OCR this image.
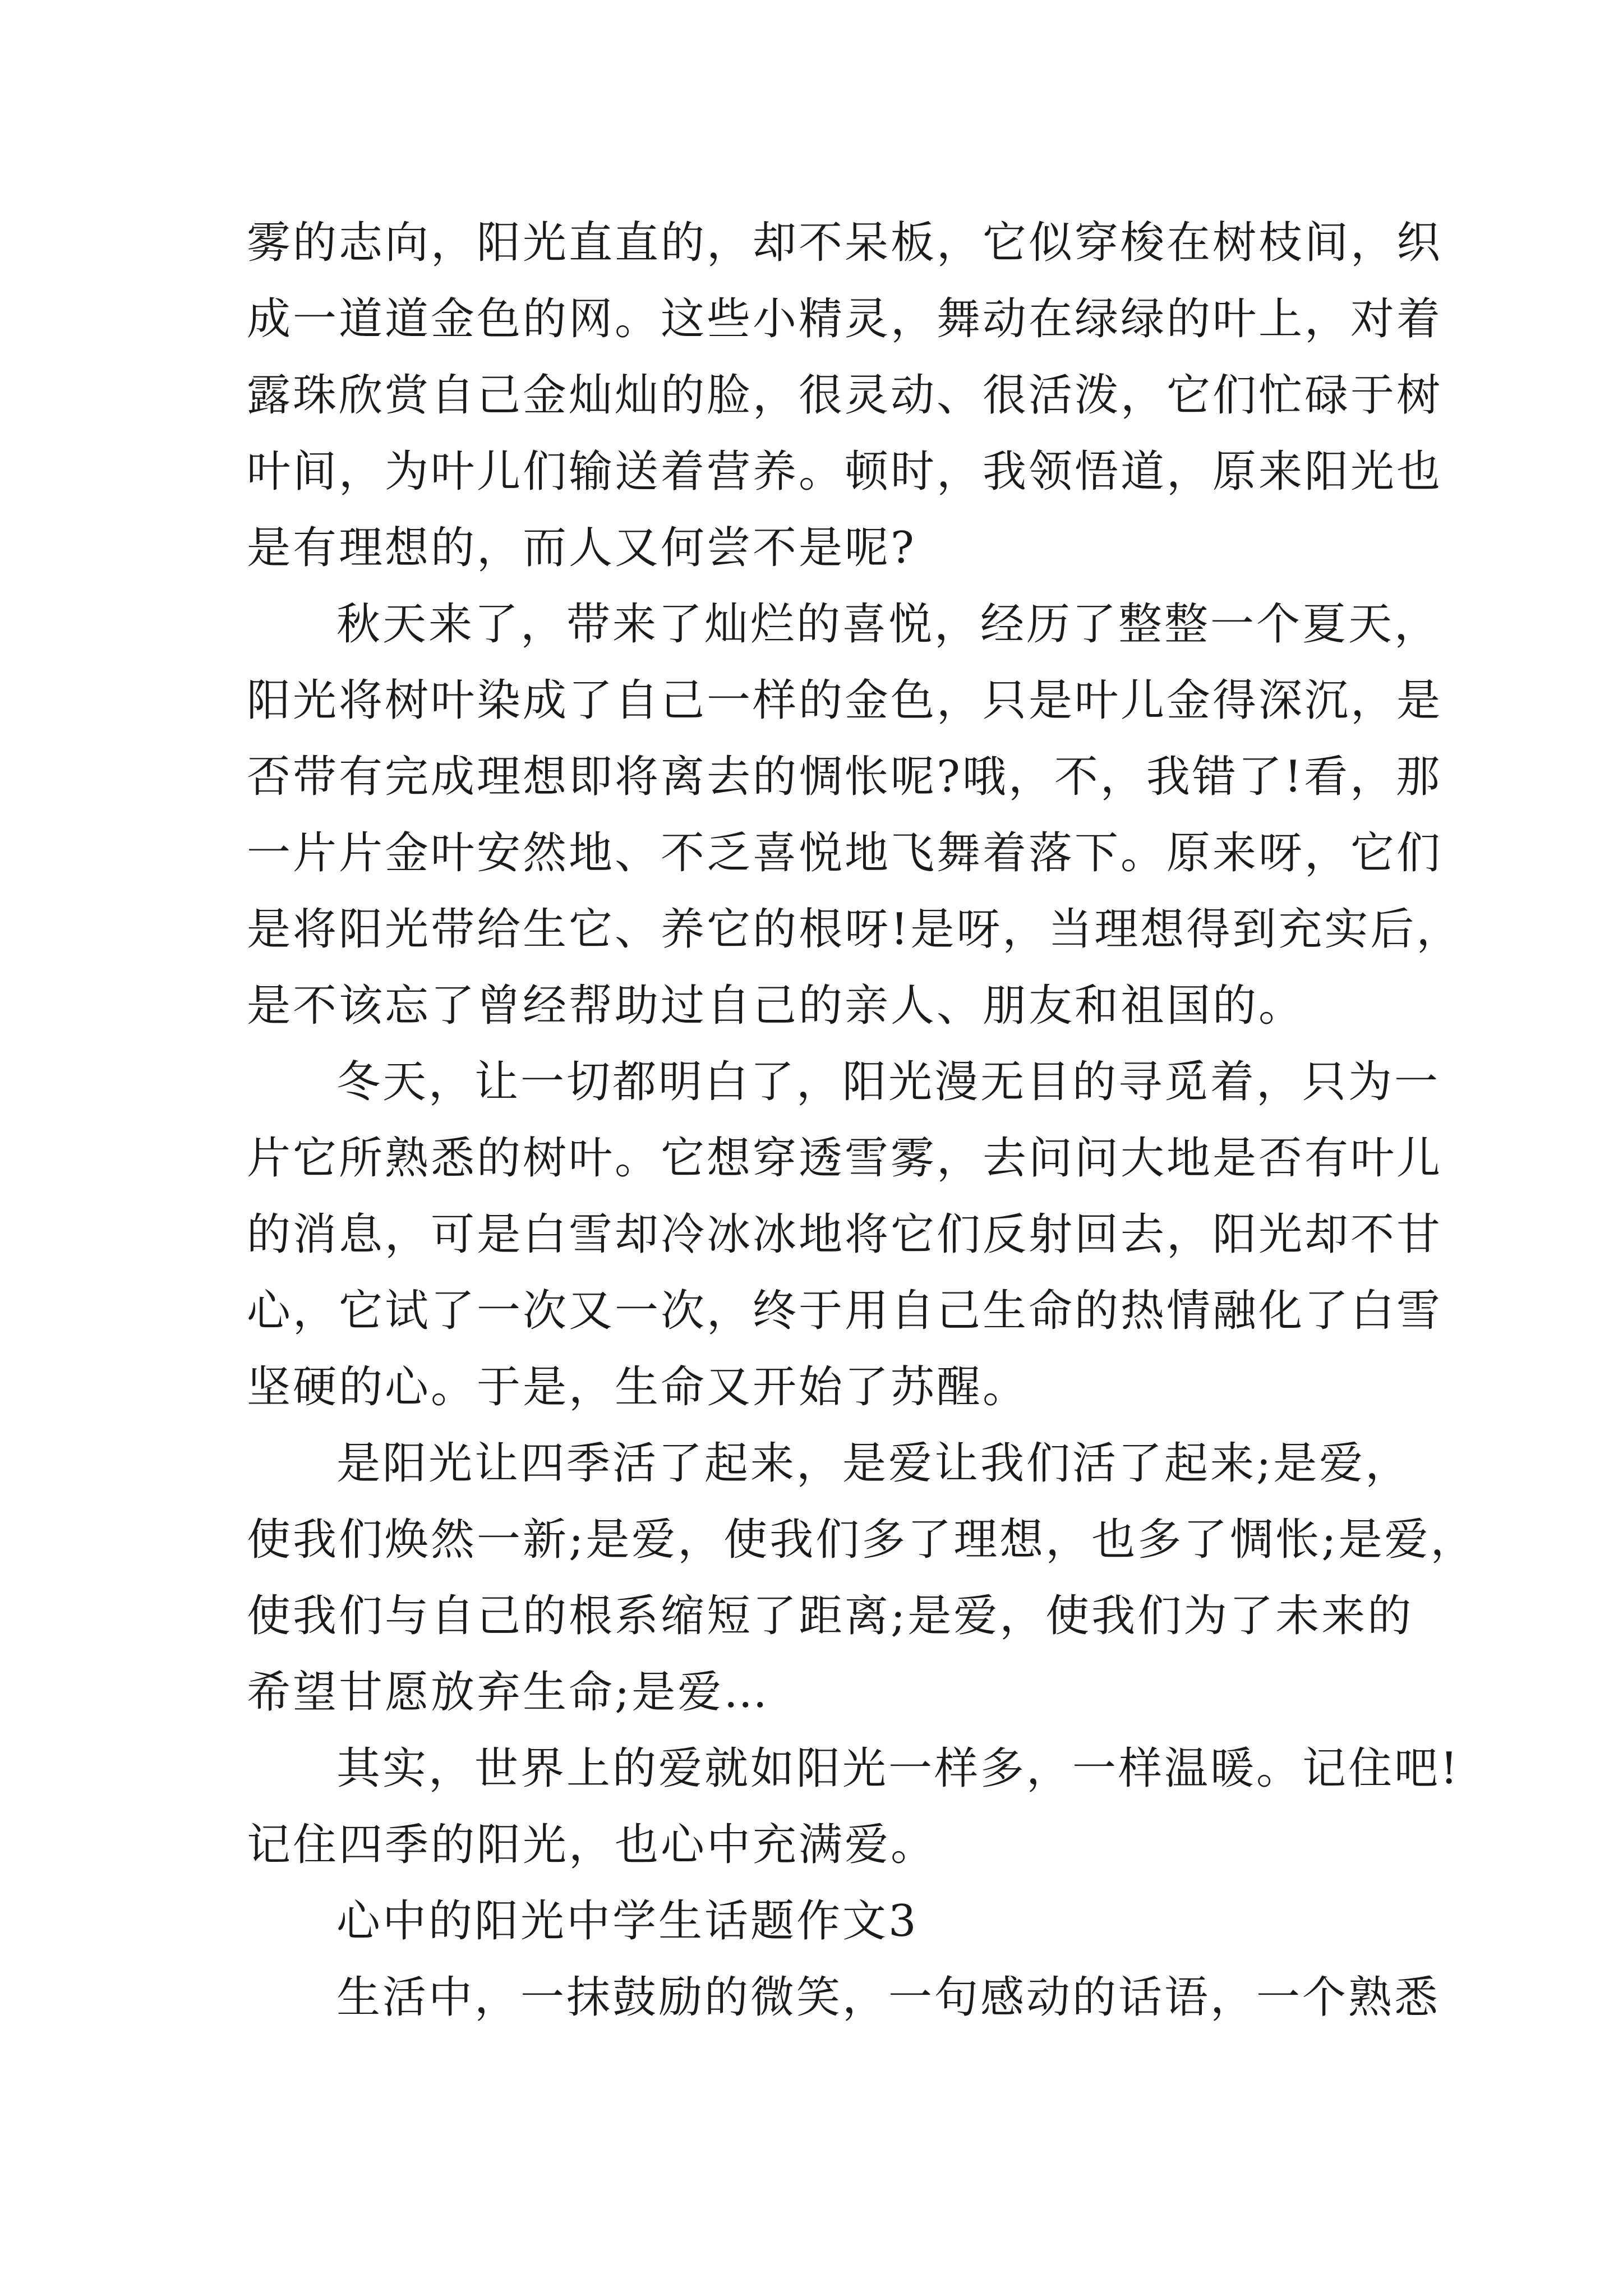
雾的志向，阳光直直的，却不呆板，它似穿梭在树枝间，织
成一道道金色的网。这些小精灵，舞动在绿绿的叶上，对着
露珠欣赏自己金灿灿的脸，很灵动、很活泼，它们忙碌于树
叶间，为叶儿们输送着营养。顿时，我领悟道，原来阳光也
是有理想的，而人又何尝不是呢?
秋天来了，带来了灿烂的喜悦，经历了整整一个夏天，
阳光将树叶染成了自己一样的金色，只是叶儿金得深沉，是
否带有完成理想即将离去的惆怅呢?哦，不，我错了!看，那
一片片金叶安然地、不乏喜悦地飞舞着落下。原来呀，它们
是将阳光带给生它、养它的根呀!是呀，当理想得到充实后，
是不该忘了曾经帮助过自己的亲人、朋友和祖国的。
冬天，让一切都明白了，阳光漫无目的寻觅着，只为一
片它所熟悉的树叶。它想穿透雪雾，去问问大地是否有叶儿
的消息，可是白雪却冷冰冰地将它们反射回去，阳光却不甘
心，它试了一次又一次，终于用自己生命的热情融化了白雪
坚硬的心。于是，生命又开始了苏醒。
是阳光让四季活了起来，是爱让我们活了起来;是爱，
使我们焕然一新;是爱，使我们多了理想，也多了惆怅;是爱，
使我们与自己的根系缩短了距离;是爱，使我们为了未来的
希望甘愿放弃生命;是爱…
其实，世界上的爱就如阳光一样多，一样温暖。记住吧!
记住四季的阳光，也心中充满爱。
心中的阳光中学生话题作文3
生活中，一抹鼓励的微笑，一句感动的话语，一个熟悉
